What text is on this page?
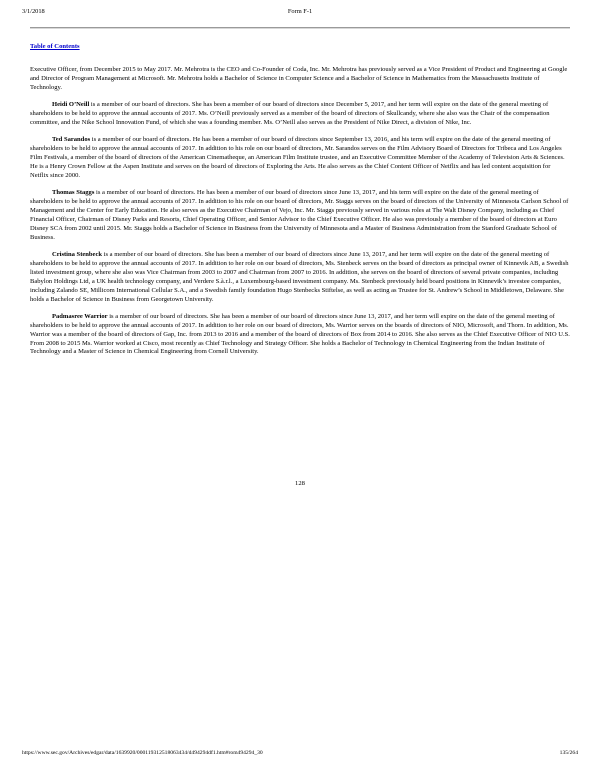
3/1/2018	Form F-1
Table of Contents

Executive Officer, from December 2015 to May 2017. Mr. Mehrotra is the CEO and Co-Founder of Coda, Inc. Mr. Mehrotra has previously served as a Vice President of Product and Engineering at Google and Director of Program Management at Microsoft. Mr. Mehrotra holds a Bachelor of Science in Computer Science and a Bachelor of Science in Mathematics from the Massachusetts Institute of Technology.

Heidi O’Neill is a member of our board of directors. She has been a member of our board of directors since December 5, 2017, and her term will expire on the date of the general meeting of shareholders to be held to approve the annual accounts of 2017. Ms. O’Neill previously served as a member of the board of directors of Skullcandy, where she also was the Chair of the compensation committee, and the Nike School Innovation Fund, of which she was a founding member. Ms. O’Neill also serves as the President of Nike Direct, a division of Nike, Inc.

Ted Sarandos is a member of our board of directors. He has been a member of our board of directors since September 13, 2016, and his term will expire on the date of the general meeting of shareholders to be held to approve the annual accounts of 2017. In addition to his role on our board of directors, Mr. Sarandos serves on the Film Advisory Board of Directors for Tribeca and Los Angeles Film Festivals, a member of the board of directors of the American Cinematheque, an American Film Institute trustee, and an Executive Committee Member of the Academy of Television Arts & Sciences. He is a Henry Crown Fellow at the Aspen Institute and serves on the board of directors of Exploring the Arts. He also serves as the Chief Content Officer of Netflix and has led content acquisition for Netflix since 2000.

Thomas Staggs is a member of our board of directors. He has been a member of our board of directors since June 13, 2017, and his term will expire on the date of the general meeting of shareholders to be held to approve the annual accounts of 2017. In addition to his role on our board of directors, Mr. Staggs serves on the board of directors of the University of Minnesota Carlson School of Management and the Center for Early Education. He also serves as the Executive Chairman of Vejo, Inc. Mr. Staggs previously served in various roles at The Walt Disney Company, including as Chief Financial Officer, Chairman of Disney Parks and Resorts, Chief Operating Officer, and Senior Advisor to the Chief Executive Officer. He also was previously a member of the board of directors at Euro Disney SCA from 2002 until 2015. Mr. Staggs holds a Bachelor of Science in Business from the University of Minnesota and a Master of Business Administration from the Stanford Graduate School of Business.

Cristina Stenbeck is a member of our board of directors. She has been a member of our board of directors since June 13, 2017, and her term will expire on the date of the general meeting of shareholders to be held to approve the annual accounts of 2017. In addition to her role on our board of directors, Ms. Stenbeck serves on the board of directors as principal owner of Kinnevik AB, a Swedish listed investment group, where she also was Vice Chairman from 2003 to 2007 and Chairman from 2007 to 2016. In addition, she serves on the board of directors of several private companies, including Babylon Holdings Ltd, a UK health technology company, and Verdere S.à.r.l., a Luxembourg-based investment company. Ms. Stenbeck previously held board positions in Kinnevik’s investee companies, including Zalando SE, Millicom International Cellular S.A., and a Swedish family foundation Hugo Stenbecks Stiftelse, as well as acting as Trustee for St. Andrew’s School in Middletown, Delaware. She holds a Bachelor of Science in Business from Georgetown University.

Padmasree Warrior is a member of our board of directors. She has been a member of our board of directors since June 13, 2017, and her term will expire on the date of the general meeting of shareholders to be held to approve the annual accounts of 2017. In addition to her role on our board of directors, Ms. Warrior serves on the boards of directors of NIO, Microsoft, and Thorn. In addition, Ms. Warrior was a member of the board of directors of Gap, Inc. from 2013 to 2016 and a member of the board of directors of Box from 2014 to 2016. She also serves as the Chief Executive Officer of NIO U.S. From 2008 to 2015 Ms. Warrior worked at Cisco, most recently as Chief Technology and Strategy Officer. She holds a Bachelor of Technology in Chemical Engineering from the Indian Institute of Technology and a Master of Science in Chemical Engineering from Cornell University.

128
https://www.sec.gov/Archives/edgar/data/1639920/000119312518063434/d494294df1.htm#rom494294_30	135/264
